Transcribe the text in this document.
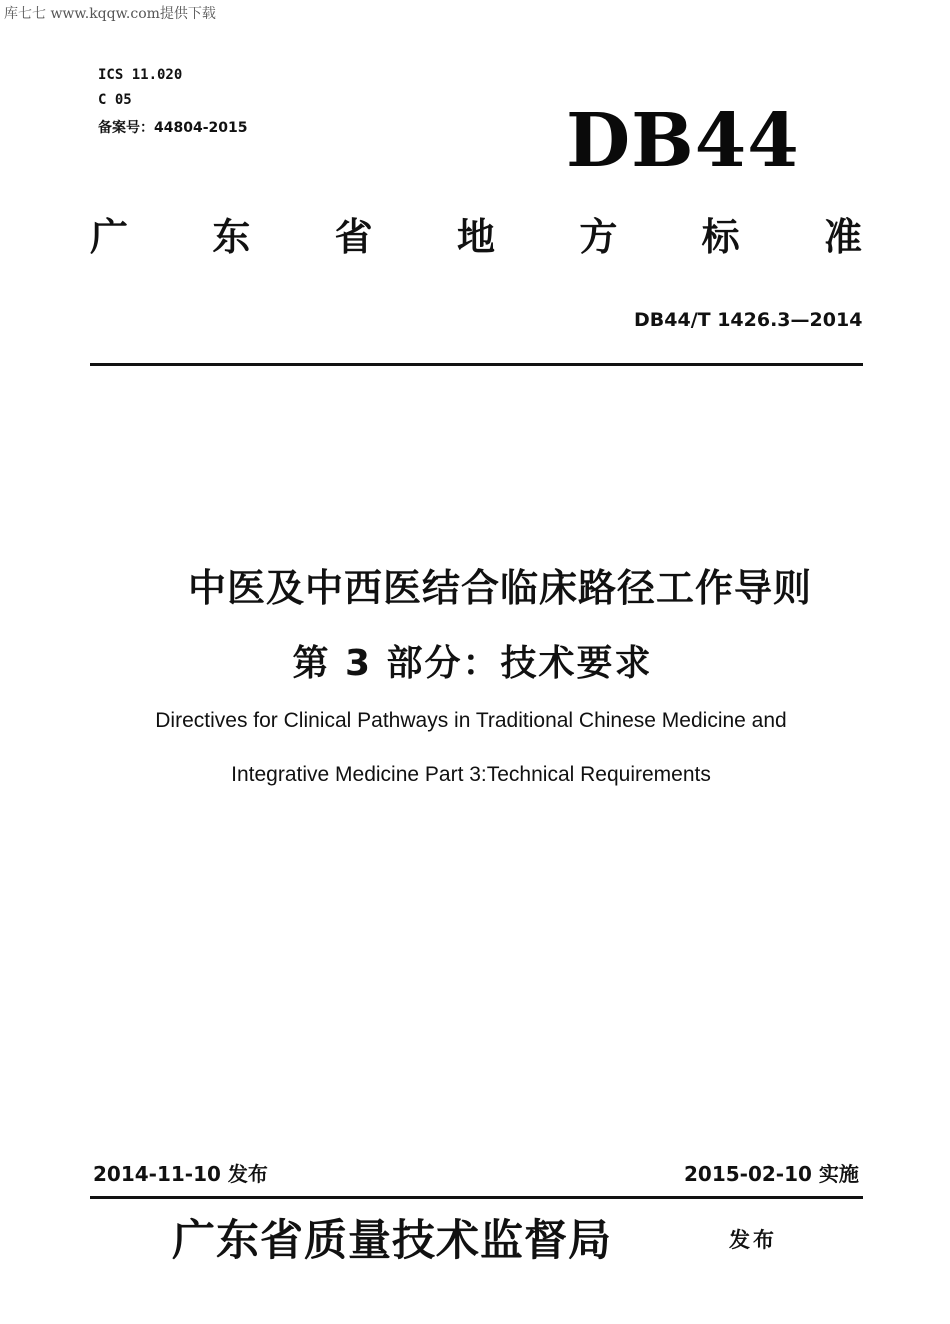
库七七 www.kqqw.com提供下载
ICS 11.020
C 05
备案号：44804-2015	DB44
广 东 省 地 方 标 准
DB44/T 1426.3—2014
中医及中西医结合临床路径工作导则
第 3 部分：技术要求
Directives for Clinical Pathways in Traditional Chinese Medicine and
Integrative Medicine Part 3:Technical Requirements
2014-11-10 发布	2015-02-10 实施
广东省质量技术监督局	发布
